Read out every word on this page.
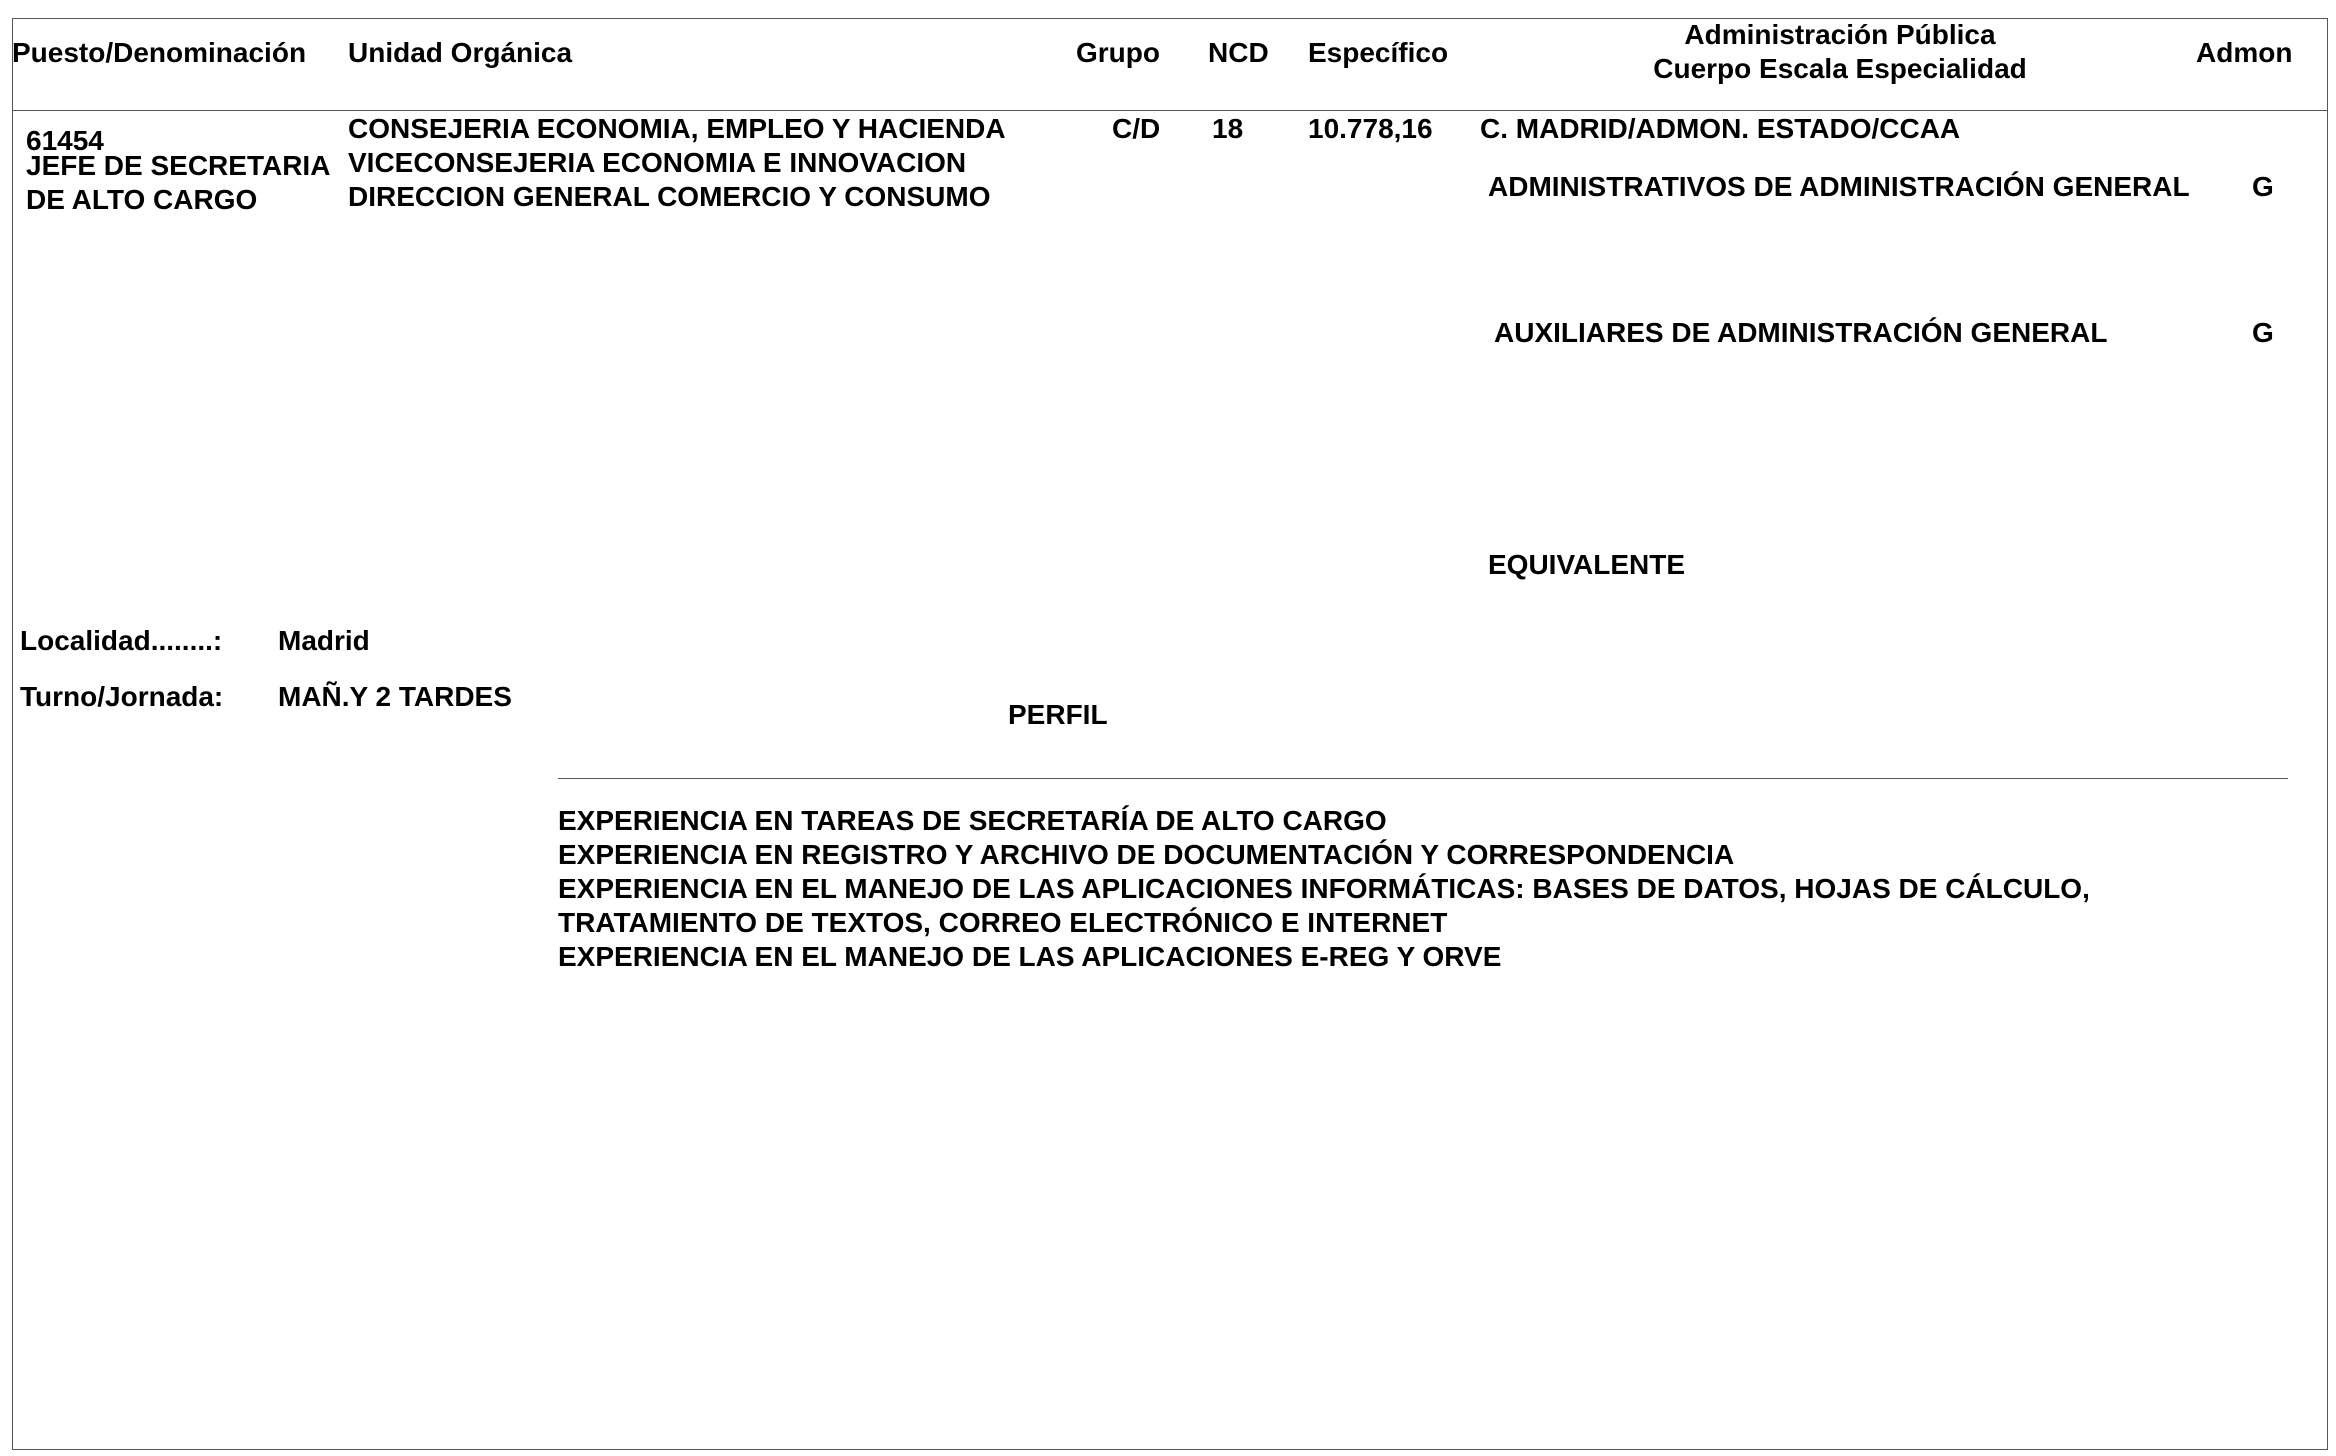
Puesto/Denominación Unidad Orgánica	Grupo NCD Específico
Administración Pública
Cuerpo Escala Especialidad
Admon
61454
JEFE DE SECRETARIA
DE ALTO CARGO
CONSEJERIA ECONOMIA, EMPLEO Y HACIENDA
VICECONSEJERIA ECONOMIA E INNOVACION
DIRECCION GENERAL COMERCIO Y CONSUMO
C/D 18 10.778,16 C. MADRID/ADMON. ESTADO/CCAA
ADMINISTRATIVOS DE ADMINISTRACIÓN GENERAL G
AUXILIARES DE ADMINISTRACIÓN GENERAL	G
EQUIVALENTE
Localidad........: Madrid
Turno/Jornada: MAÑ.Y 2 TARDES
PERFIL
EXPERIENCIA EN TAREAS DE SECRETARÍA DE ALTO CARGO
EXPERIENCIA EN REGISTRO Y ARCHIVO DE DOCUMENTACIÓN Y CORRESPONDENCIA
EXPERIENCIA EN EL MANEJO DE LAS APLICACIONES INFORMÁTICAS: BASES DE DATOS, HOJAS DE CÁLCULO,
TRATAMIENTO DE TEXTOS, CORREO ELECTRÓNICO E INTERNET
EXPERIENCIA EN EL MANEJO DE LAS APLICACIONES E-REG Y ORVE
